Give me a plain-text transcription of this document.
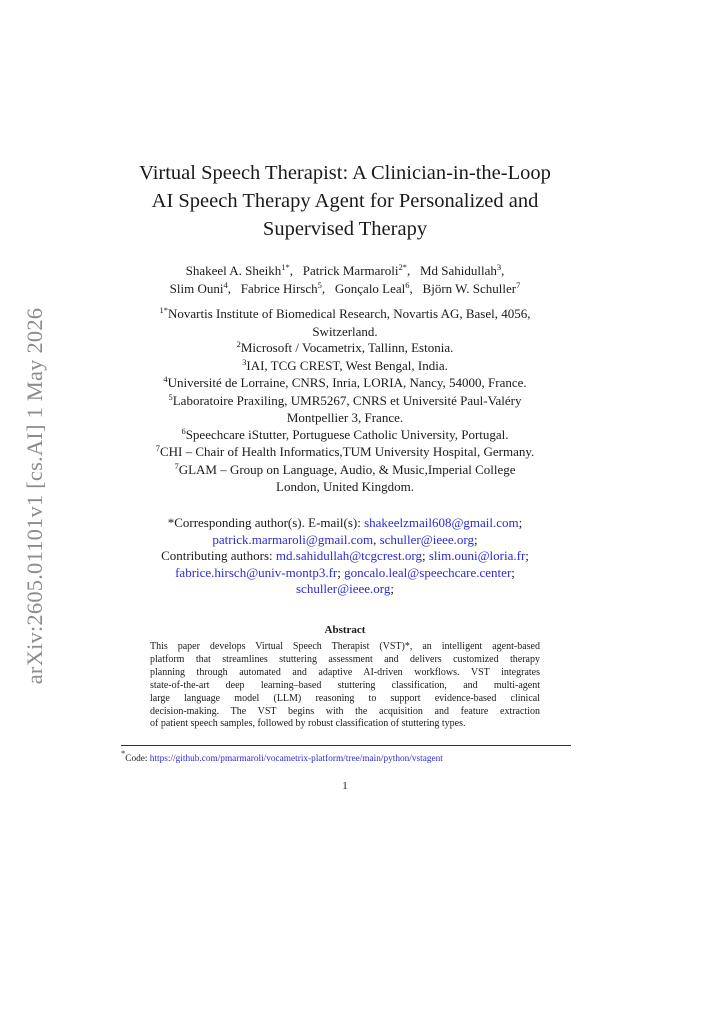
arXiv:2605.01101v1 [cs.AI] 1 May 2026
Virtual Speech Therapist: A Clinician-in-the-Loop
AI Speech Therapy Agent for Personalized and
Supervised Therapy
Shakeel A. Sheikh$^{1*}$,   Patrick Marmaroli$^{2*}$,   Md Sahidullah$^3$,
Slim Ouni$^4$,   Fabrice Hirsch$^5$,   Gonçalo Leal$^6$,   Björn W. Schuller$^7$
$^{1*}$Novartis Institute of Biomedical Research, Novartis AG, Basel, 4056,
Switzerland.
$^2$Microsoft / Vocametrix, Tallinn, Estonia.
$^3$IAI, TCG CREST, West Bengal, India.
$^4$Université de Lorraine, CNRS, Inria, LORIA, Nancy, 54000, France.
$^5$Laboratoire Praxiling, UMR5267, CNRS et Université Paul-Valéry
Montpellier 3, France.
$^6$Speechcare iStutter, Portuguese Catholic University, Portugal.
$^7$CHI – Chair of Health Informatics,TUM University Hospital, Germany.
$^7$GLAM – Group on Language, Audio, & Music,Imperial College
London, United Kingdom.
*Corresponding author(s). E-mail(s): shakeelzmail608@gmail.com;
patrick.marmaroli@gmail.com, schuller@ieee.org;
Contributing authors: md.sahidullah@tcgcrest.org; slim.ouni@loria.fr;
fabrice.hirsch@univ-montp3.fr; goncalo.leal@speechcare.center;
schuller@ieee.org;
Abstract
This paper develops Virtual Speech Therapist (VST)*, an intelligent agent-based
platform that streamlines stuttering assessment and delivers customized therapy
planning through automated and adaptive AI-driven workflows. VST integrates
state-of-the-art deep learning–based stuttering classification, and multi-agent
large language model (LLM) reasoning to support evidence-based clinical
decision-making. The VST begins with the acquisition and feature extraction
of patient speech samples, followed by robust classification of stuttering types.
*Code: https://github.com/pmarmaroli/vocametrix-platform/tree/main/python/vstagent
1
